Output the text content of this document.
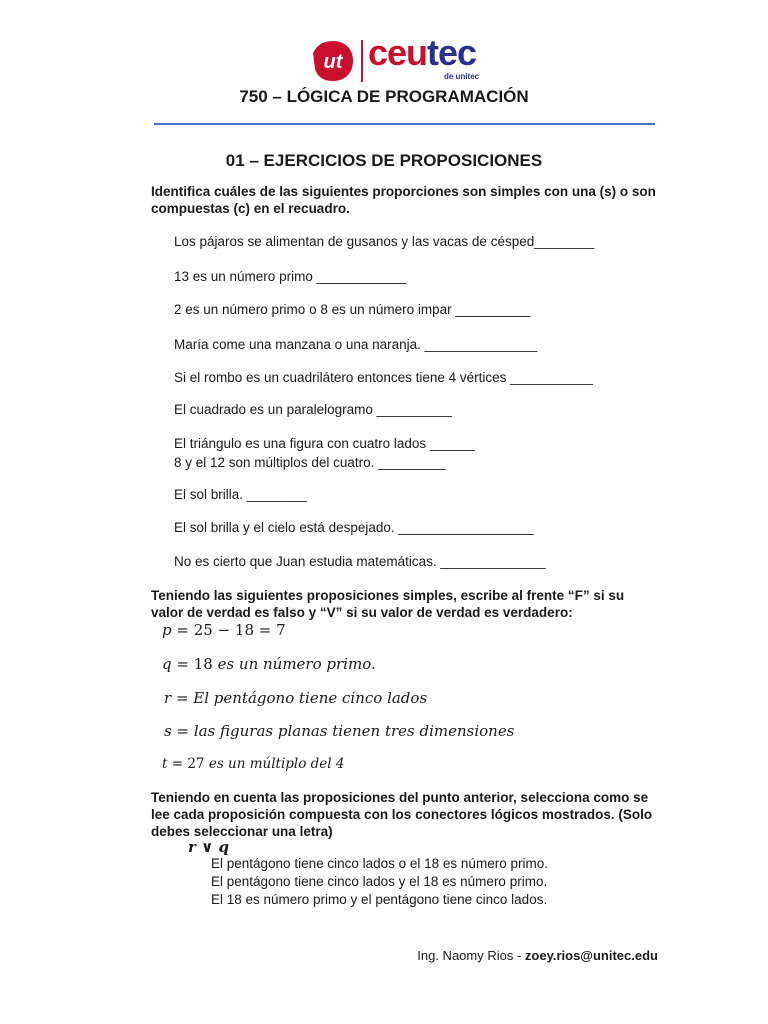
ut ceutec
de unitec
750 – LÓGICA DE PROGRAMACIÓN
01 – EJERCICIOS DE PROPOSICIONES
Identifica cuáles de las siguientes proporciones son simples con una (s) o son compuestas (c) en el recuadro.
Los pájaros se alimentan de gusanos y las vacas de césped________
13 es un número primo ____________
2 es un número primo o 8 es un número impar __________
María come una manzana o una naranja. _______________
Si el rombo es un cuadrilátero entonces tiene 4 vértices ___________
El cuadrado es un paralelogramo __________
El triángulo es una figura con cuatro lados ______
8 y el 12 son múltiplos del cuatro. _________
El sol brilla. ________
El sol brilla y el cielo está despejado. __________________
No es cierto que Juan estudia matemáticas. ______________
Teniendo las siguientes proposiciones simples, escribe al frente “F” si su valor de verdad es falso y “V” si su valor de verdad es verdadero:
p = 25 − 18 = 7
q = 18 es un número primo.
r = El pentágono tiene cinco lados
s = las figuras planas tienen tres dimensiones
t = 27 es un múltiplo del 4
Teniendo en cuenta las proposiciones del punto anterior, selecciona como se lee cada proposición compuesta con los conectores lógicos mostrados. (Solo debes seleccionar una letra)
r ∨ q
El pentágono tiene cinco lados o el 18 es número primo.
El pentágono tiene cinco lados y el 18 es número primo.
El 18 es número primo y el pentágono tiene cinco lados.
Ing. Naomy Rios - zoey.rios@unitec.edu
